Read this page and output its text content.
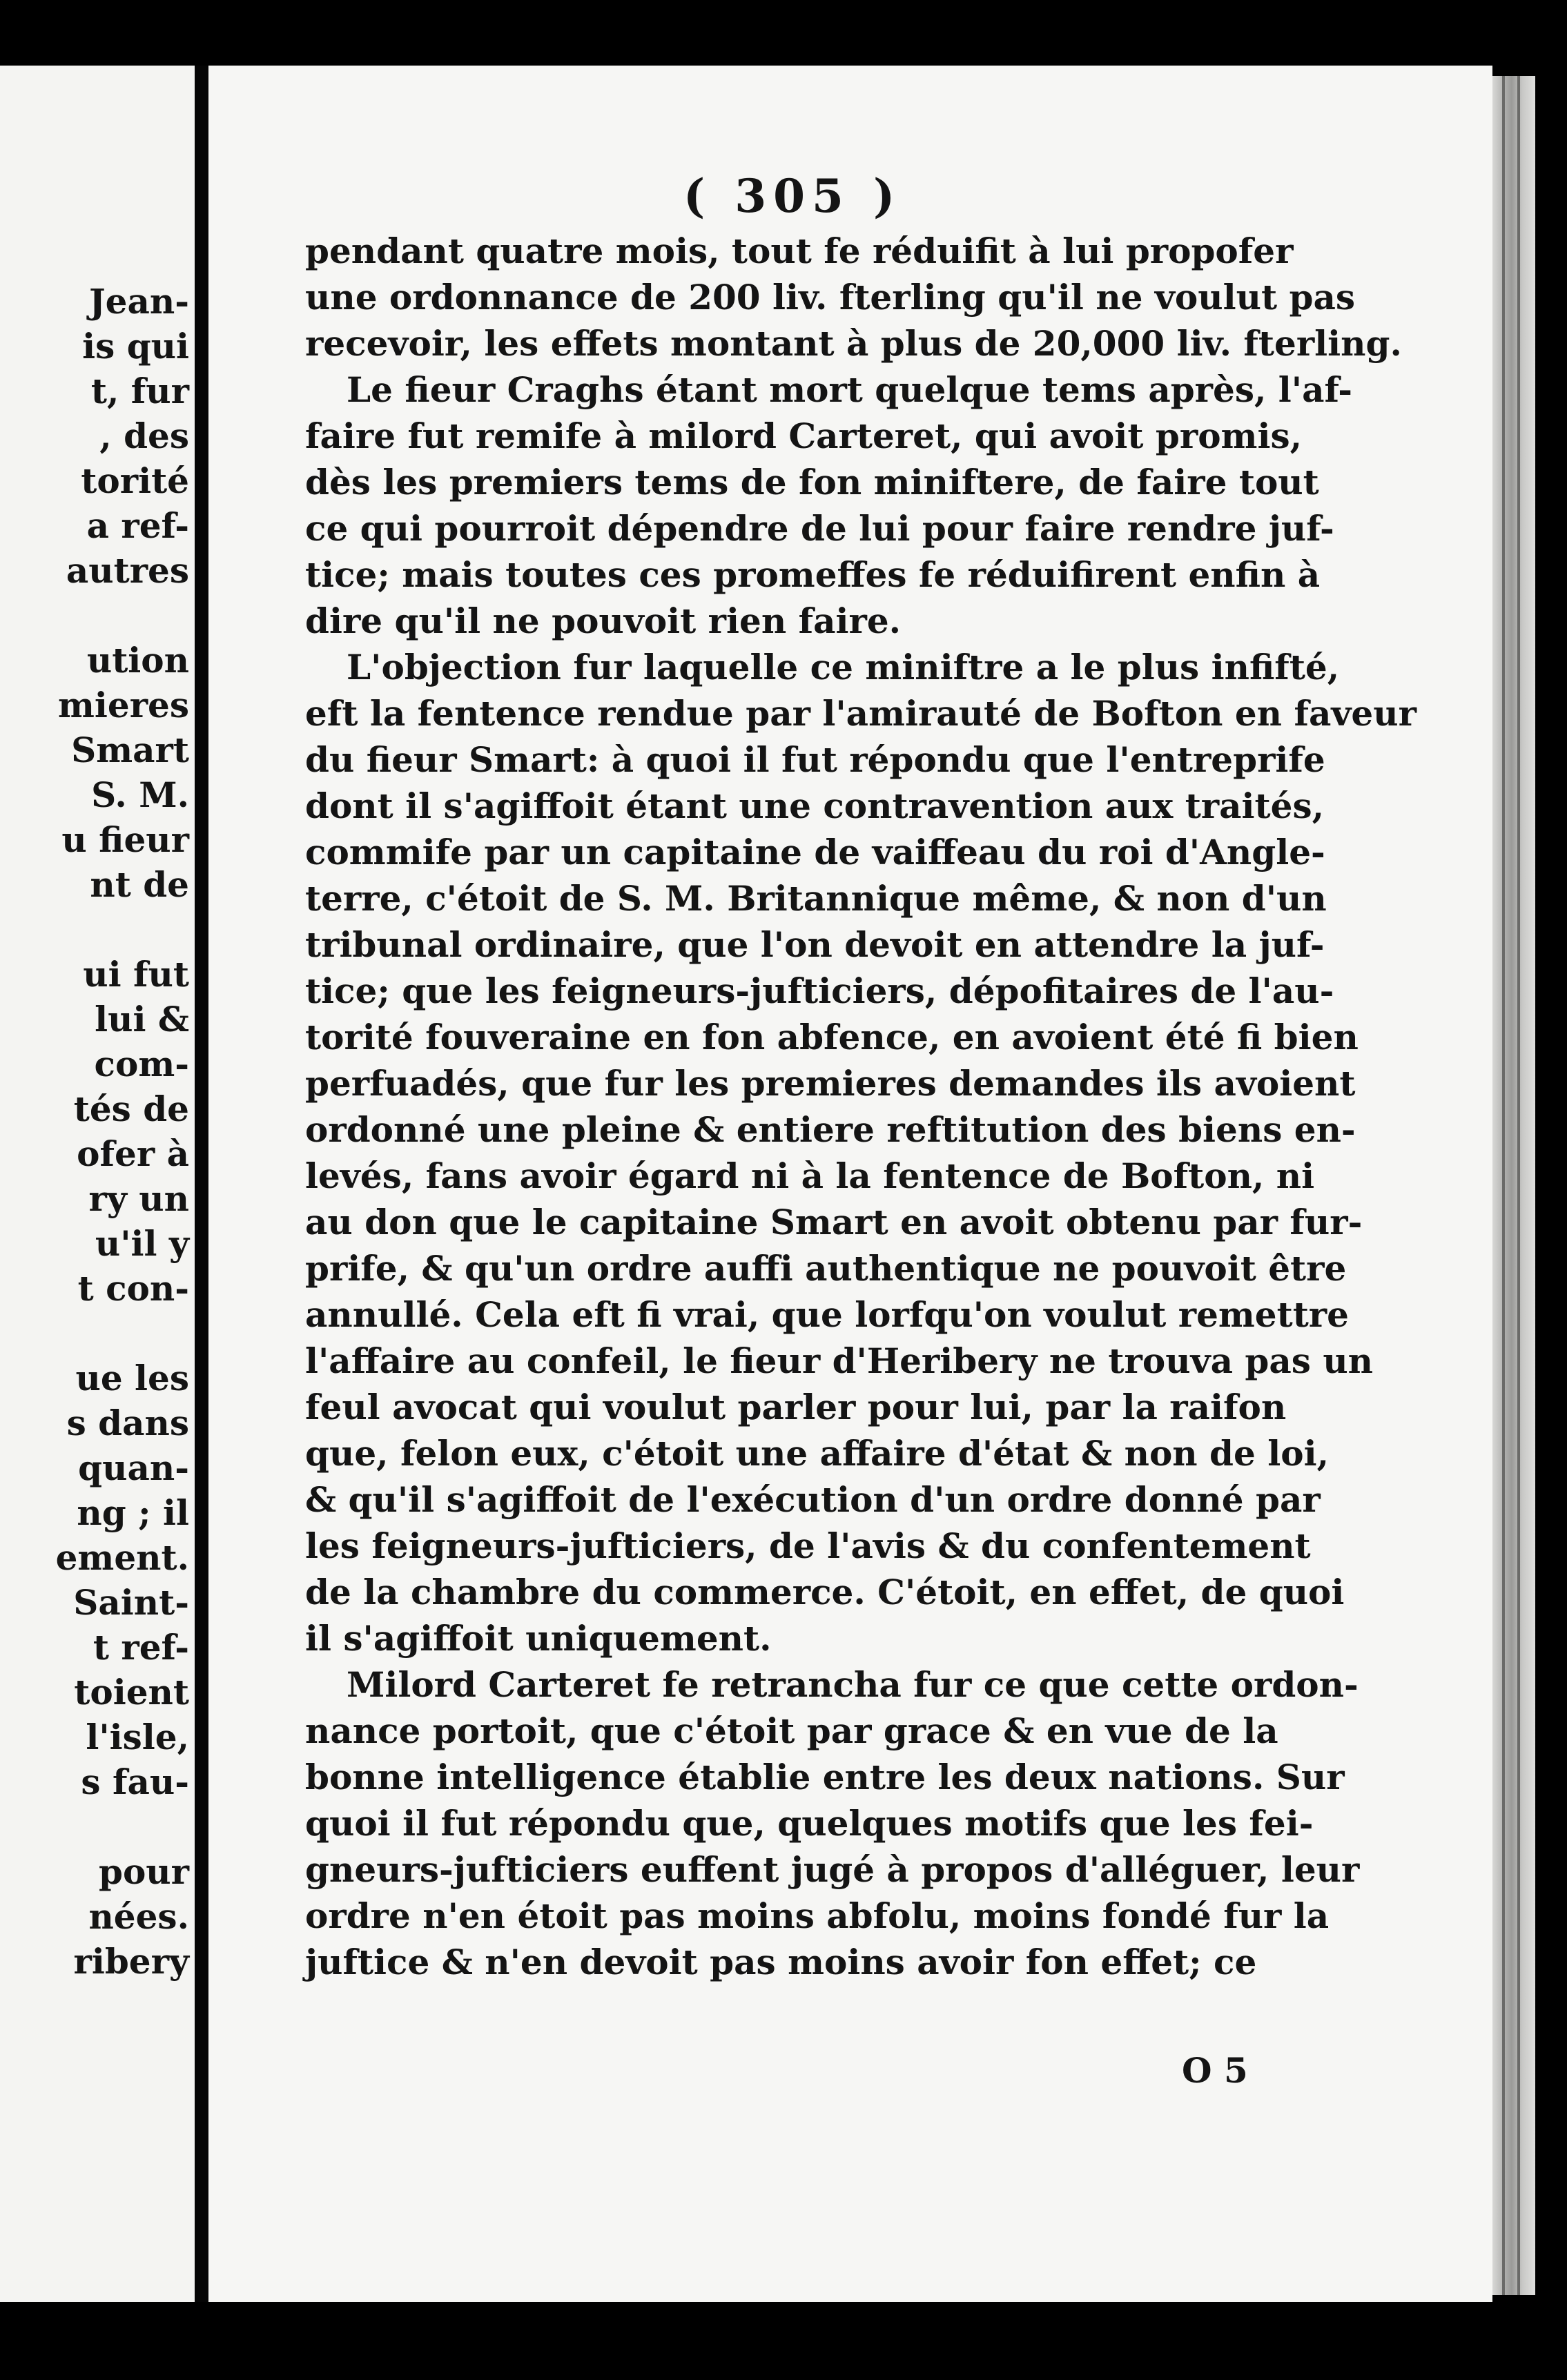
Jean-
is qui
t, fur
, des
torité
a ref-
autres
ution
mieres
Smart
S. M.
u fieur
nt de
ui fut
lui &
com-
tés de
ofer à
ry un
u'il y
t con-
ue les
s dans
quan-
ng ; il
ement.
Saint-
t ref-
toient
l'isle,
s fau-
pour
nées.
ribery
( 305 )
pendant quatre mois, tout fe réduifit à lui propofer
une ordonnance de 200 liv. fterling qu'il ne voulut pas
recevoir, les effets montant à plus de 20,000 liv. fterling.
Le fieur Craghs étant mort quelque tems après, l'af-
faire fut remife à milord Carteret, qui avoit promis,
dès les premiers tems de fon miniftere, de faire tout
ce qui pourroit dépendre de lui pour faire rendre juf-
tice; mais toutes ces promeffes fe réduifirent enfin à
dire qu'il ne pouvoit rien faire.
L'objection fur laquelle ce miniftre a le plus infifté,
eft la fentence rendue par l'amirauté de Bofton en faveur
du fieur Smart: à quoi il fut répondu que l'entreprife
dont il s'agiffoit étant une contravention aux traités,
commife par un capitaine de vaiffeau du roi d'Angle-
terre, c'étoit de S. M. Britannique même, & non d'un
tribunal ordinaire, que l'on devoit en attendre la juf-
tice; que les feigneurs-jufticiers, dépofitaires de l'au-
torité fouveraine en fon abfence, en avoient été fi bien
perfuadés, que fur les premieres demandes ils avoient
ordonné une pleine & entiere reftitution des biens en-
levés, fans avoir égard ni à la fentence de Bofton, ni
au don que le capitaine Smart en avoit obtenu par fur-
prife, & qu'un ordre auffi authentique ne pouvoit être
annullé. Cela eft fi vrai, que lorfqu'on voulut remettre
l'affaire au confeil, le fieur d'Heribery ne trouva pas un
feul avocat qui voulut parler pour lui, par la raifon
que, felon eux, c'étoit une affaire d'état & non de loi,
& qu'il s'agiffoit de l'exécution d'un ordre donné par
les feigneurs-jufticiers, de l'avis & du confentement
de la chambre du commerce. C'étoit, en effet, de quoi
il s'agiffoit uniquement.
Milord Carteret fe retrancha fur ce que cette ordon-
nance portoit, que c'étoit par grace & en vue de la
bonne intelligence établie entre les deux nations. Sur
quoi il fut répondu que, quelques motifs que les fei-
gneurs-jufticiers euffent jugé à propos d'alléguer, leur
ordre n'en étoit pas moins abfolu, moins fondé fur la
juftice & n'en devoit pas moins avoir fon effet; ce
O 5
